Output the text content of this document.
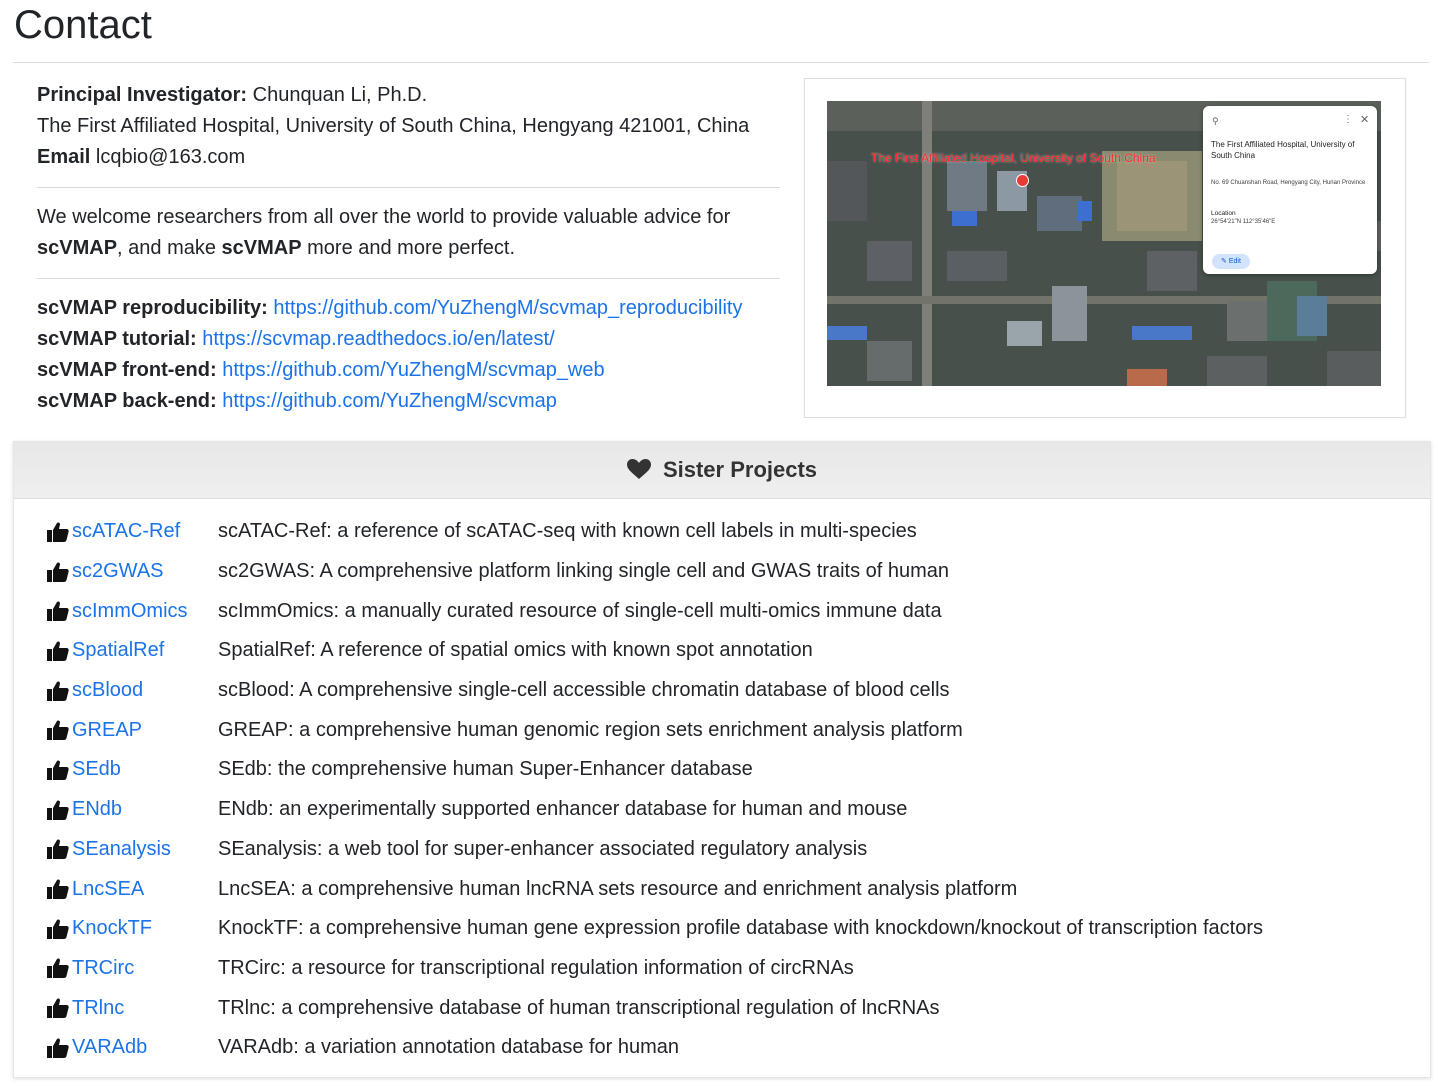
Contact
Principal Investigator: Chunquan Li, Ph.D.
The First Affiliated Hospital, University of South China, Hengyang 421001, China
Email lcqbio@163.com
We welcome researchers from all over the world to provide valuable advice for scVMAP, and make scVMAP more and more perfect.
scVMAP reproducibility: https://github.com/YuZhengM/scvmap_reproducibility
scVMAP tutorial: https://scvmap.readthedocs.io/en/latest/
scVMAP front-end: https://github.com/YuZhengM/scvmap_web
scVMAP back-end: https://github.com/YuZhengM/scvmap
The First Affiliated Hospital, University of South China
⚲	⋮ ✕
The First Affiliated Hospital, University of South China
No. 69 Chuanshan Road, Hengyang City, Hunan Province
Location
26°54'21"N 112°35'46"E
✎ Edit
Sister Projects
scATAC-Ref	scATAC-Ref: a reference of scATAC-seq with known cell labels in multi-species
sc2GWAS	sc2GWAS: A comprehensive platform linking single cell and GWAS traits of human
scImmOmics	scImmOmics: a manually curated resource of single-cell multi-omics immune data
SpatialRef	SpatialRef: A reference of spatial omics with known spot annotation
scBlood	scBlood: A comprehensive single-cell accessible chromatin database of blood cells
GREAP	GREAP: a comprehensive human genomic region sets enrichment analysis platform
SEdb	SEdb: the comprehensive human Super-Enhancer database
ENdb	ENdb: an experimentally supported enhancer database for human and mouse
SEanalysis	SEanalysis: a web tool for super-enhancer associated regulatory analysis
LncSEA	LncSEA: a comprehensive human lncRNA sets resource and enrichment analysis platform
KnockTF	KnockTF: a comprehensive human gene expression profile database with knockdown/knockout of transcription factors
TRCirc	TRCirc: a resource for transcriptional regulation information of circRNAs
TRlnc	TRlnc: a comprehensive database of human transcriptional regulation of lncRNAs
VARAdb	VARAdb: a variation annotation database for human
